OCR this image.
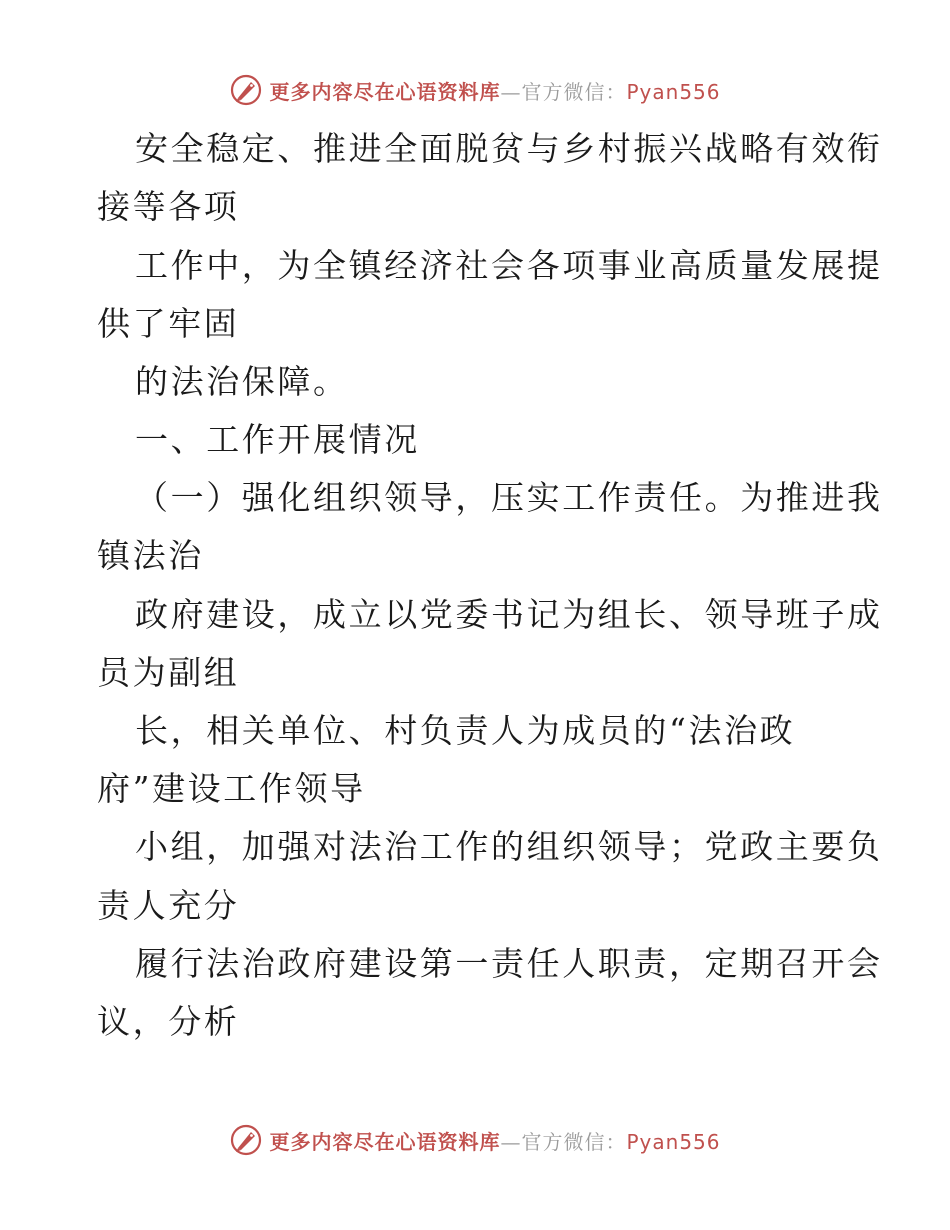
更多内容尽在心语资料库—官方微信：Pyan556
安全稳定、推进全面脱贫与乡村振兴战略有效衔
接等各项
工作中，为全镇经济社会各项事业高质量发展提
供了牢固
的法治保障。
一、工作开展情况
（一）强化组织领导，压实工作责任。为推进我
镇法治
政府建设，成立以党委书记为组长、领导班子成
员为副组
长，相关单位、村负责人为成员的“法治政
府”建设工作领导
小组，加强对法治工作的组织领导；党政主要负
责人充分
履行法治政府建设第一责任人职责，定期召开会
议，分析
更多内容尽在心语资料库—官方微信：Pyan556
